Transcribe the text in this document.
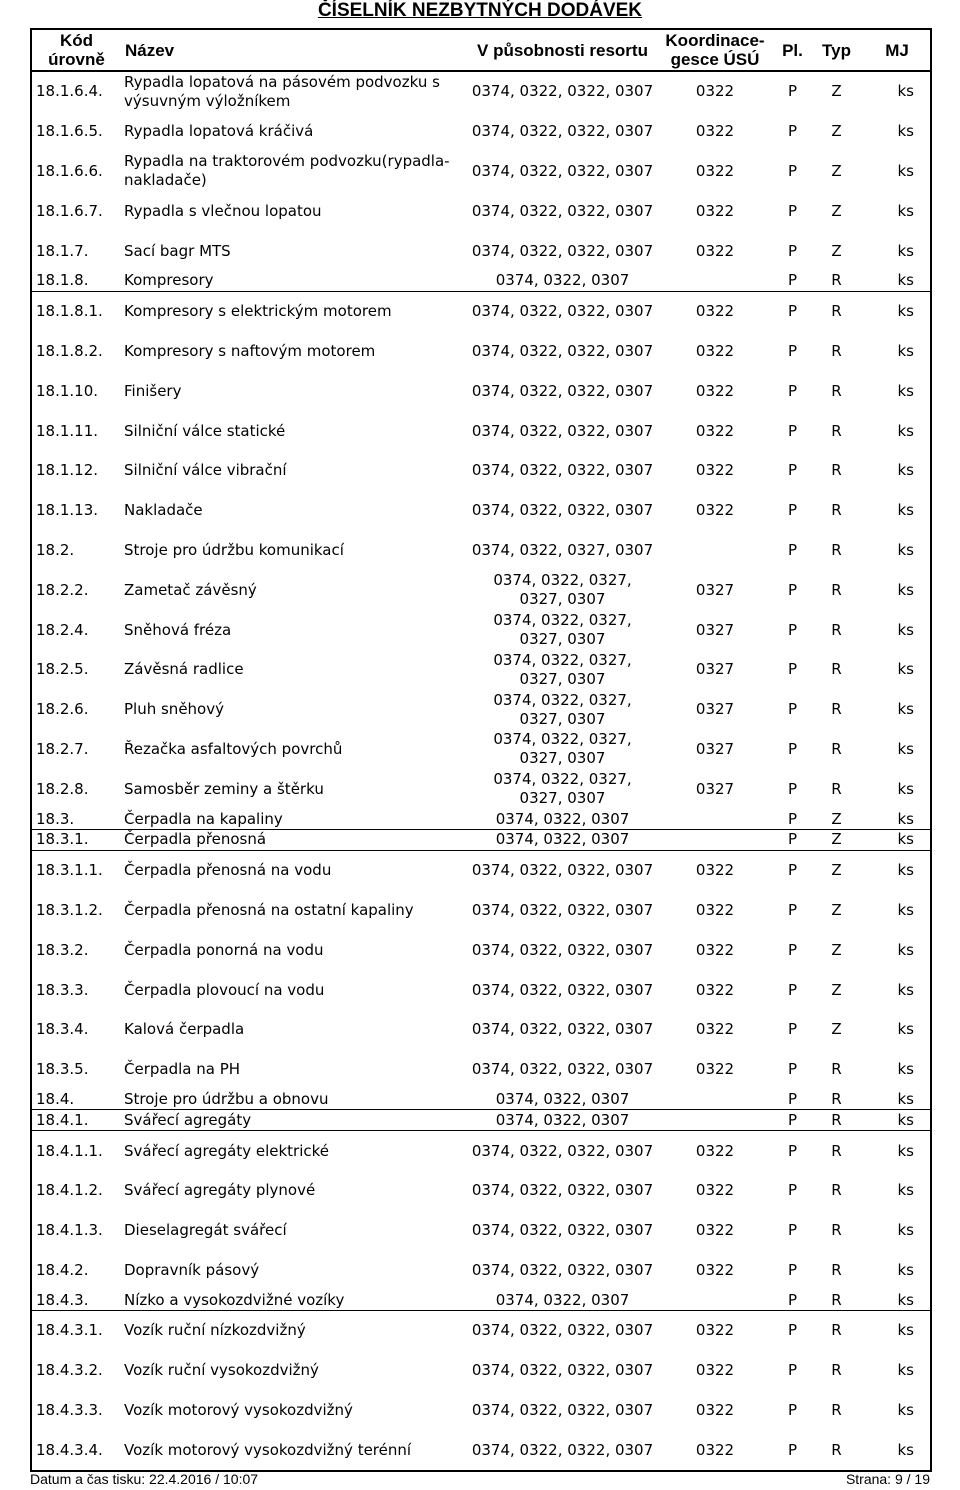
ČÍSELNÍK NEZBYTNÝCH DODÁVEK
Kód úrovně	Název	V působnosti resortu	Koordinace-gesce ÚSÚ	Pl.	Typ	MJ
18.1.6.4.	Rypadla lopatová na pásovém podvozku s výsuvným výložníkem	0374, 0322, 0322, 0307	0322	P	Z	ks
18.1.6.5.	Rypadla lopatová kráčivá	0374, 0322, 0322, 0307	0322	P	Z	ks
18.1.6.6.	Rypadla na traktorovém podvozku(rypadla-nakladače)	0374, 0322, 0322, 0307	0322	P	Z	ks
18.1.6.7.	Rypadla s vlečnou lopatou	0374, 0322, 0322, 0307	0322	P	Z	ks
18.1.7.	Sací bagr MTS	0374, 0322, 0322, 0307	0322	P	Z	ks
18.1.8.	Kompresory	0374, 0322, 0307		P	R	ks
18.1.8.1.	Kompresory s elektrickým motorem	0374, 0322, 0322, 0307	0322	P	R	ks
18.1.8.2.	Kompresory s naftovým motorem	0374, 0322, 0322, 0307	0322	P	R	ks
18.1.10.	Finišery	0374, 0322, 0322, 0307	0322	P	R	ks
18.1.11.	Silniční válce statické	0374, 0322, 0322, 0307	0322	P	R	ks
18.1.12.	Silniční válce vibrační	0374, 0322, 0322, 0307	0322	P	R	ks
18.1.13.	Nakladače	0374, 0322, 0322, 0307	0322	P	R	ks
18.2.	Stroje pro údržbu komunikací	0374, 0322, 0327, 0307		P	R	ks
18.2.2.	Zametač závěsný	0374, 0322, 0327, 0327, 0307	0327	P	R	ks
18.2.4.	Sněhová fréza	0374, 0322, 0327, 0327, 0307	0327	P	R	ks
18.2.5.	Závěsná radlice	0374, 0322, 0327, 0327, 0307	0327	P	R	ks
18.2.6.	Pluh sněhový	0374, 0322, 0327, 0327, 0307	0327	P	R	ks
18.2.7.	Řezačka asfaltových povrchů	0374, 0322, 0327, 0327, 0307	0327	P	R	ks
18.2.8.	Samosběr zeminy a štěrku	0374, 0322, 0327, 0327, 0307	0327	P	R	ks
18.3.	Čerpadla na kapaliny	0374, 0322, 0307		P	Z	ks
18.3.1.	Čerpadla přenosná	0374, 0322, 0307		P	Z	ks
18.3.1.1.	Čerpadla přenosná na vodu	0374, 0322, 0322, 0307	0322	P	Z	ks
18.3.1.2.	Čerpadla přenosná na ostatní kapaliny	0374, 0322, 0322, 0307	0322	P	Z	ks
18.3.2.	Čerpadla ponorná na vodu	0374, 0322, 0322, 0307	0322	P	Z	ks
18.3.3.	Čerpadla plovoucí na vodu	0374, 0322, 0322, 0307	0322	P	Z	ks
18.3.4.	Kalová čerpadla	0374, 0322, 0322, 0307	0322	P	Z	ks
18.3.5.	Čerpadla na PH	0374, 0322, 0322, 0307	0322	P	R	ks
18.4.	Stroje pro údržbu a obnovu	0374, 0322, 0307		P	R	ks
18.4.1.	Svářecí agregáty	0374, 0322, 0307		P	R	ks
18.4.1.1.	Svářecí agregáty elektrické	0374, 0322, 0322, 0307	0322	P	R	ks
18.4.1.2.	Svářecí agregáty plynové	0374, 0322, 0322, 0307	0322	P	R	ks
18.4.1.3.	Dieselagregát svářecí	0374, 0322, 0322, 0307	0322	P	R	ks
18.4.2.	Dopravník pásový	0374, 0322, 0322, 0307	0322	P	R	ks
18.4.3.	Nízko a vysokozdvižné vozíky	0374, 0322, 0307		P	R	ks
18.4.3.1.	Vozík ruční nízkozdvižný	0374, 0322, 0322, 0307	0322	P	R	ks
18.4.3.2.	Vozík ruční vysokozdvižný	0374, 0322, 0322, 0307	0322	P	R	ks
18.4.3.3.	Vozík motorový vysokozdvižný	0374, 0322, 0322, 0307	0322	P	R	ks
18.4.3.4.	Vozík motorový vysokozdvižný terénní	0374, 0322, 0322, 0307	0322	P	R	ks
Datum a čas tisku: 22.4.2016 / 10:07	Strana: 9 / 19
